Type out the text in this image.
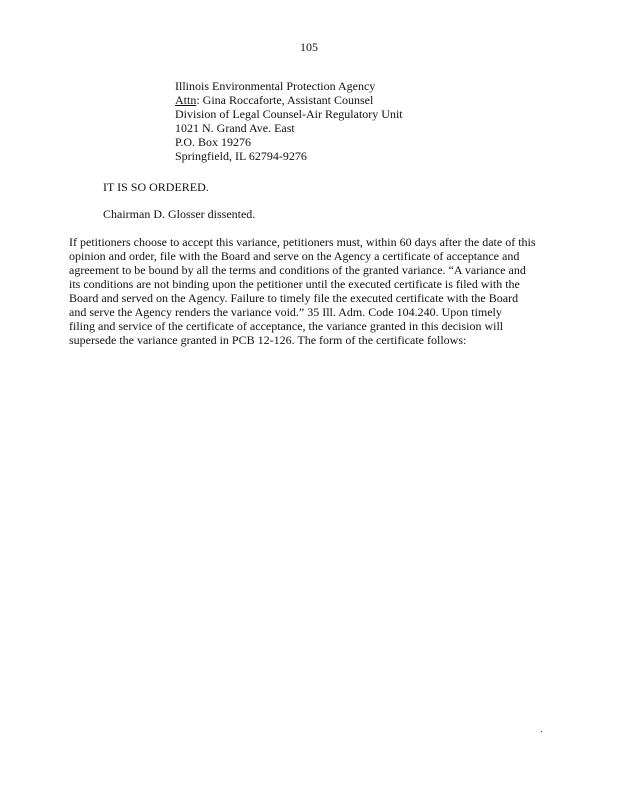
105
Illinois Environmental Protection Agency
Attn: Gina Roccaforte, Assistant Counsel
Division of Legal Counsel-Air Regulatory Unit
1021 N. Grand Ave. East
P.O. Box 19276
Springfield, IL 62794-9276
IT IS SO ORDERED.
Chairman D. Glosser dissented.
If petitioners choose to accept this variance, petitioners must, within 60 days after the date of this
opinion and order, file with the Board and serve on the Agency a certificate of acceptance and
agreement to be bound by all the terms and conditions of the granted variance. “A variance and
its conditions are not binding upon the petitioner until the executed certificate is filed with the
Board and served on the Agency. Failure to timely file the executed certificate with the Board
and serve the Agency renders the variance void.” 35 Ill. Adm. Code 104.240. Upon timely
filing and service of the certificate of acceptance, the variance granted in this decision will
supersede the variance granted in PCB 12-126. The form of the certificate follows:
